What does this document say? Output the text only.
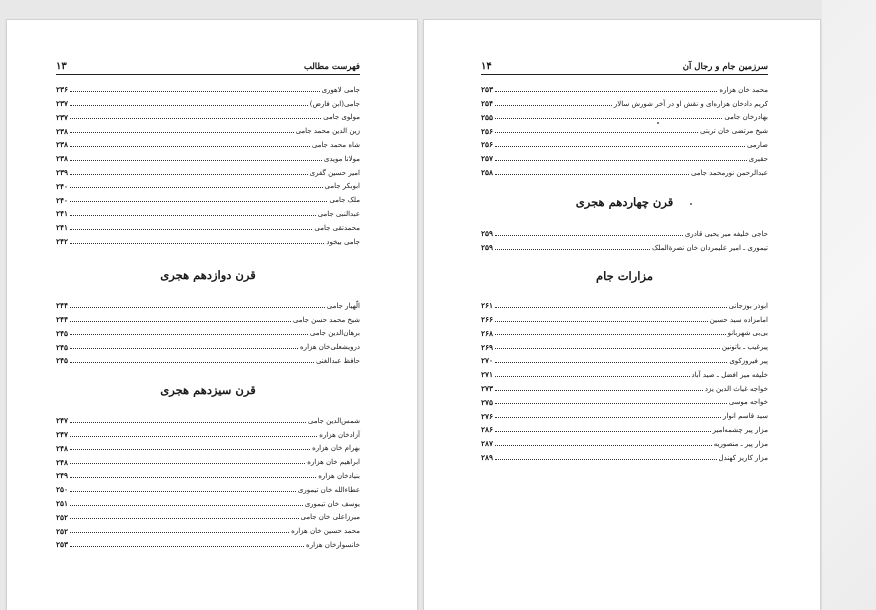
فهرست مطالب
۱۳
جامی لاهوری
۲۳۶
جامی(ابن فارض)
۲۳۷
مولوی جامی
۲۳۷
زین الدین محمد جامی
۲۳۸
شاه محمد جامی
۲۳۸
مولانا مویدی
۲۳۸
امیر حسین گفری
۲۳۹
ابوبکر جامی
۲۴۰
ملک جامی
۲۴۰
عبدالنبی جامی
۲۴۱
محمدتقی جامی
۲۴۱
جامی بیخود
۲۴۲
قرن دوازدهم هجری
الّهیار جامی
۲۴۴
شیخ محمد حسن جامی
۲۴۴
برهان‌الدین جامی
۲۴۵
درویشعلی‌خان هزاره
۲۴۵
حافظ عبدالغنی
۲۴۵
قرن سیزدهم هجری
شمس‌الدین جامی
۲۴۷
آزادخان هزاره
۲۴۷
بهرام خان هزاره
۲۴۸
ابراهیم خان هزاره
۲۴۸
بنیادخان هزاره
۲۴۹
عطاءالله خان تیموری
۲۵۰
یوسف خان تیموری
۲۵۱
میرزاعلی خان جامی
۲۵۲
محمد حسین خان هزاره
۲۵۲
خانسوارخان هزاره
۲۵۳
سرزمین جام و رجال آن
۱۴
محمد خان هزاره
۲۵۳
کریم دادخان هزاره‌ای و نقش او در آخر شورش سالار
۲۵۴
بهادرخان جامی
۲۵۵
شیخ مرتضی خان تربتی
۲۵۶
صارمی
۲۵۶
حقیری
۲۵۷
عبدالرحمن نورمحمد جامی
۲۵۸
قرن چهاردهم هجری
حاجی خلیفه میر یحیی قادری
۲۵۹
تیموری ـ امیر علیمردان خان نصرةالملک
۲۵۹
مزارات جام
ابوذر بوزجانی
۲۶۱
امامزاده سید حسین
۲۶۶
بی‌بی شهربانو
۲۶۸
پیرغیب ـ باتونین
۲۶۹
پیر فیروزکوی
۲۷۰
خلیفه میر افضل ـ صید آباد
۲۷۱
خواجه غیاث الدین یزد
۲۷۳
خواجه موسی
۲۷۵
سید قاسم انوار
۲۷۶
مزار پیر چشمه‌امیر
۲۸۶
مزار پیر ـ منصوریه
۲۸۷
مزار کاریز کهندل
۲۸۹
